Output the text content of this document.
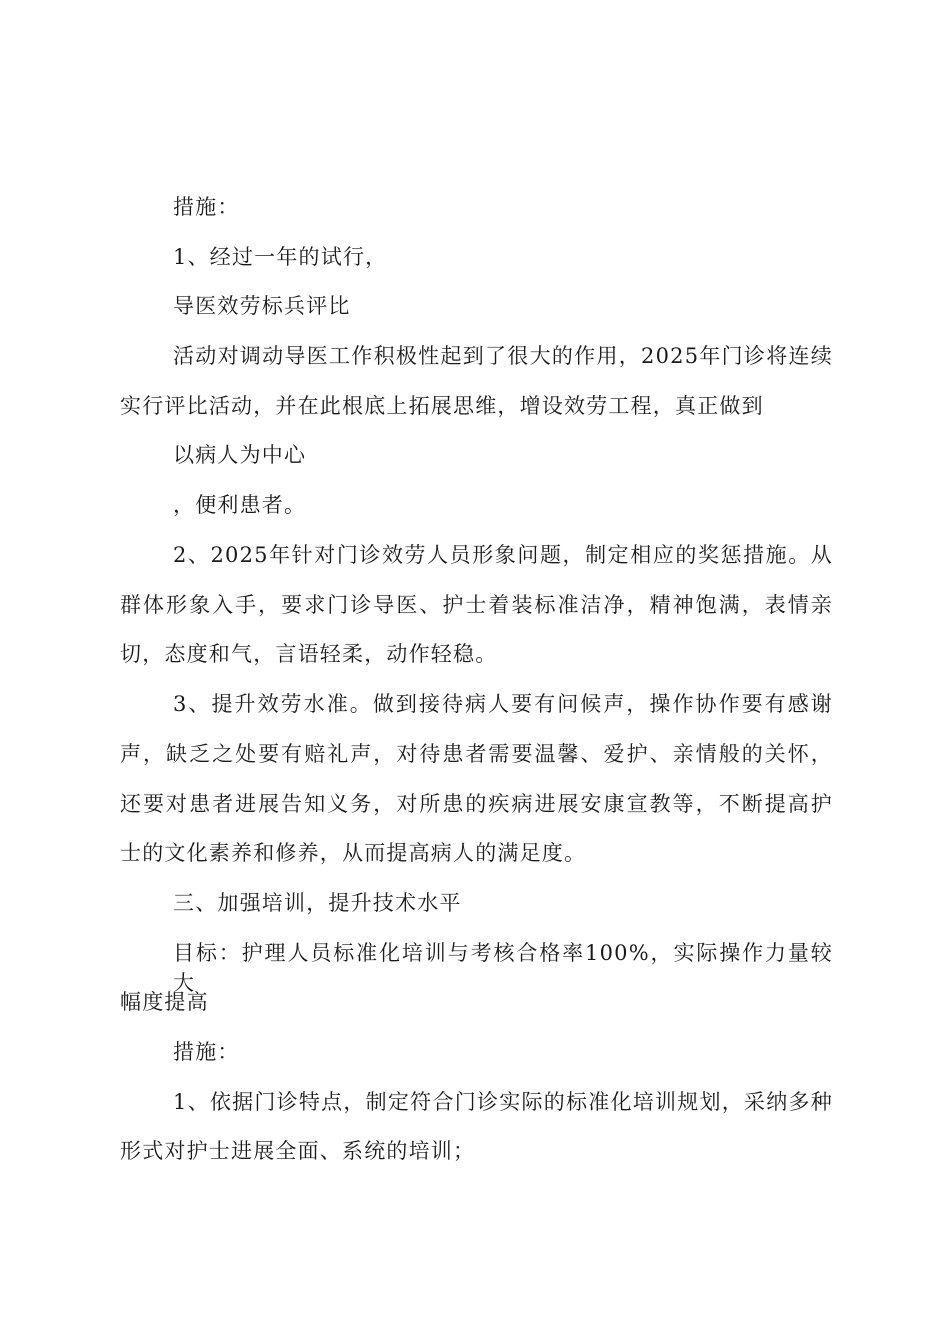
措施：
1、经过一年的试行，
导医效劳标兵评比
活动对调动导医工作积极性起到了很大的作用，2025年门诊将连续
实行评比活动，并在此根底上拓展思维，增设效劳工程，真正做到
以病人为中心
，便利患者。
2、2025年针对门诊效劳人员形象问题，制定相应的奖惩措施。从
群体形象入手，要求门诊导医、护士着装标准洁净，精神饱满，表情亲
切，态度和气，言语轻柔，动作轻稳。
3、提升效劳水准。做到接待病人要有问候声，操作协作要有感谢
声，缺乏之处要有赔礼声，对待患者需要温馨、爱护、亲情般的关怀，
还要对患者进展告知义务，对所患的疾病进展安康宣教等，不断提高护
士的文化素养和修养，从而提高病人的满足度。
三、加强培训，提升技术水平
目标：护理人员标准化培训与考核合格率100%，实际操作力量较大
幅度提高
措施：
1、依据门诊特点，制定符合门诊实际的标准化培训规划，采纳多种
形式对护士进展全面、系统的培训；
